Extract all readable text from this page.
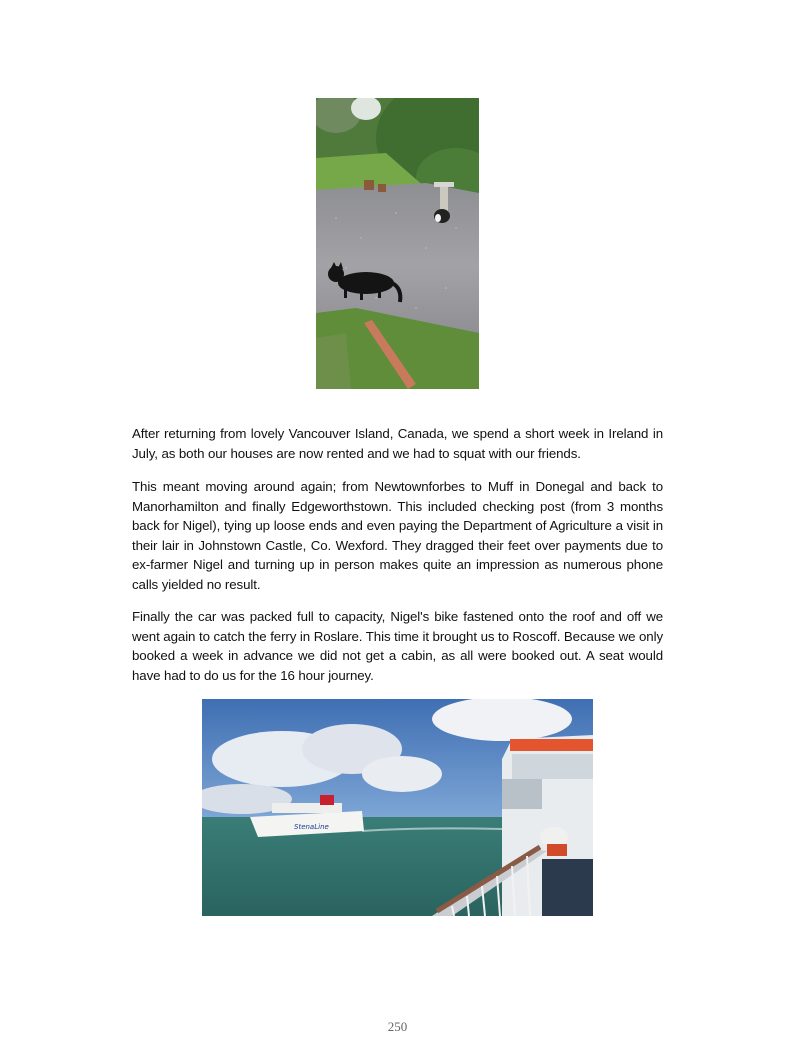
After returning from lovely Vancouver Island, Canada, we spend a short week in Ireland in July, as both our houses are now rented and we had to squat with our friends.

This meant moving around again; from Newtownforbes to Muff in Donegal and back to Manorhamilton and finally Edgeworthstown. This included checking post (from 3 months back for Nigel), tying up loose ends and even paying the Department of Agriculture a visit in their lair in Johnstown Castle, Co. Wexford. They dragged their feet over payments due to ex-farmer Nigel and turning up in person makes quite an impression as numerous phone calls yielded no result.

Finally the car was packed full to capacity, Nigel's bike fastened onto the roof and off we went again to catch the ferry in Roslare. This time it brought us to Roscoff. Because we only booked a week in advance we did not get a cabin, as all were booked out. A seat would have had to do us for the 16 hour journey.

StenaLine
250
